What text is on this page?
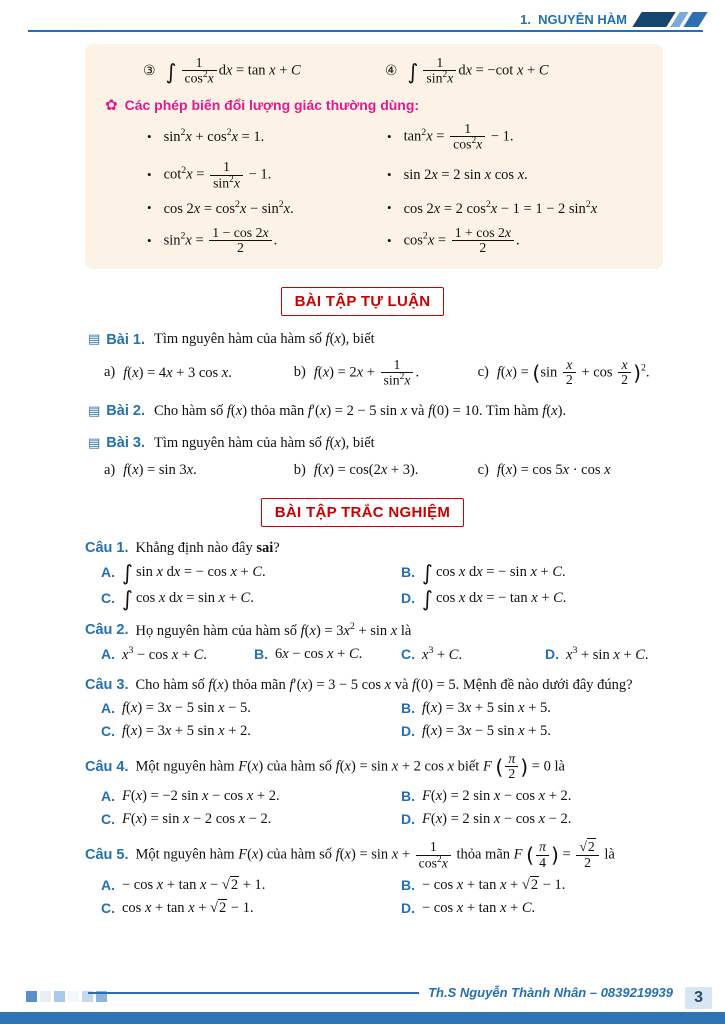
1.  NGUYÊN HÀM
③ ∫ $\frac{1}{\cos^2x}$ dx = tan x + C	④ ∫ $\frac{1}{\sin^2x}$ dx = −cot x + C
✿ Các phép biến đổi lượng giác thường dùng:
• $\sin^2x + \cos^2x = 1$.	• $\tan^2x = \frac{1}{\cos^2x} - 1$.
• $\cot^2x = \frac{1}{\sin^2x} - 1$.	• sin 2x = 2 sin x cos x.
• $\cos 2x = \cos^2x - \sin^2x$.	• cos 2x = 2 $\cos^2x - 1 = 1 - 2$ $\sin^2x$
• $\sin^2x = \frac{1 - \cos 2x}{2}$ .	• $\cos^2x = \frac{1 + \cos 2x}{2}$ .
BÀI TẬP TỰ LUẬN
▤ Bài 1. Tìm nguyên hàm của hàm số f(x), biết
a) f(x) = 4x + 3 cos x.	b) $f(x) = 2x + \frac{1}{\sin^2x}$ .	c) $f(x) = (\sin \frac{x}{2} + \cos \frac{x}{2} )^2$.
▤ Bài 2. Cho hàm số f(x) thỏa mãn f′(x) = 2 − 5 sin x và f(0) = 10. Tìm hàm f(x).
▤ Bài 3. Tìm nguyên hàm của hàm số f(x), biết
a) f(x) = sin 3x.	b) f(x) = cos(2x + 3).	c) f(x) = cos 5x · cos x
BÀI TẬP TRẮC NGHIỆM
Câu 1. Khẳng định nào đây sai?
A. ∫ sin x dx = − cos x + C.	B. ∫ cos x dx = − sin x + C.
C. ∫ cos x dx = sin x + C.	D. ∫ cos x dx = − tan x + C.
Câu 2. Họ nguyên hàm của hàm số $f(x) = 3x^2 + \sin x$ là
A. $x^3 - \cos x + C$.	B. 6x − cos x + C.	C. $x^3 + C$.	D. $x^3 + \sin x + C$.
Câu 3. Cho hàm số f(x) thỏa mãn f′(x) = 3 − 5 cos x và f(0) = 5. Mệnh đề nào dưới đây đúng?
A. f(x) = 3x − 5 sin x − 5.	B. f(x) = 3x + 5 sin x + 5.
C. f(x) = 3x + 5 sin x + 2.	D. f(x) = 3x − 5 sin x + 5.
Câu 4. Một nguyên hàm F(x) của hàm số f(x) = sin x + 2 cos x biết F ( $\frac{\pi}{2}$ ) = 0 là
A. F(x) = −2 sin x − cos x + 2.	B. F(x) = 2 sin x − cos x + 2.
C. F(x) = sin x − 2 cos x − 2.	D. F(x) = 2 sin x − cos x − 2.
Câu 5. Một nguyên hàm F(x) của hàm số $f(x) = \sin x + \frac{1}{\cos^2x}$ thỏa mãn F ( $\frac{\pi}{4}$ ) = $\frac{√2}{2}$ là
A. − cos x + tan x − √2 + 1.	B. − cos x + tan x + √2 − 1.
C. cos x + tan x + √2 − 1.	D. − cos x + tan x + C.
Th.S Nguyễn Thành Nhân – 0839219939	3
